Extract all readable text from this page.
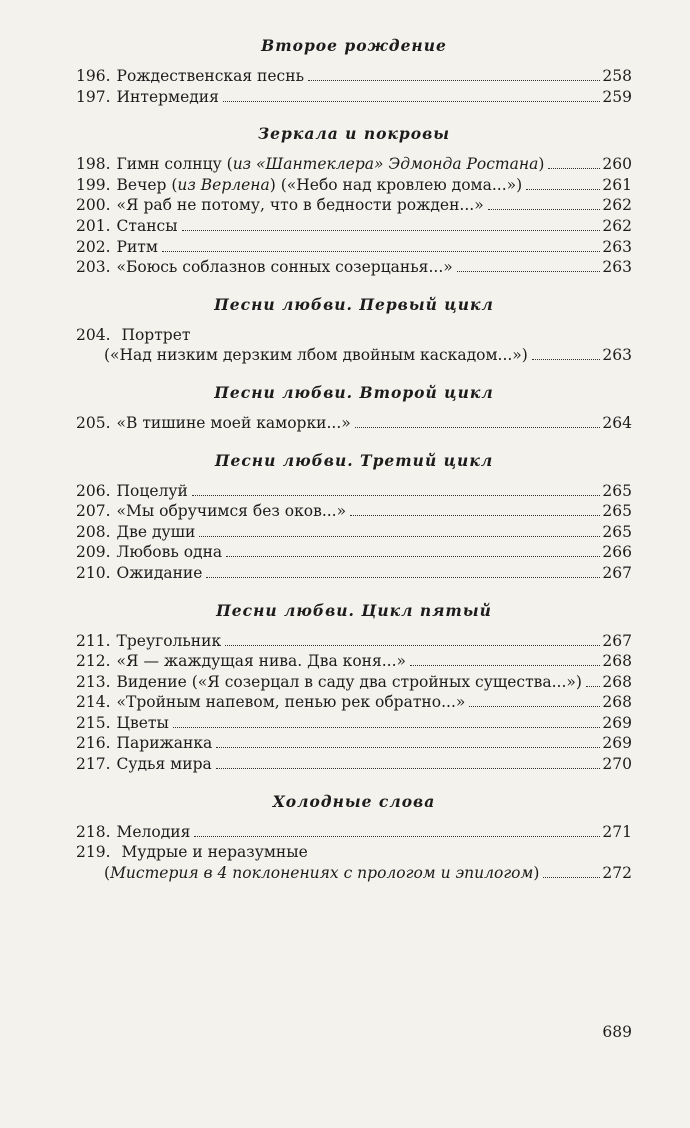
Второе рождение
196. Рождественская песнь	258
197. Интермедия	259
Зеркала и покровы
198. Гимн солнцу (из «Шантеклера» Эдмонда Ростана)	260
199. Вечер (из Верлена) («Небо над кровлею дома...»)	261
200. «Я раб не потому, что в бедности рожден...»	262
201. Стансы	262
202. Ритм	263
203. «Боюсь соблазнов сонных созерцанья...»	263
Песни любви. Первый цикл
204. Портрет
(«Над низким дерзким лбом двойным каскадом...»)	263
Песни любви. Второй цикл
205. «В тишине моей каморки...»	264
Песни любви. Третий цикл
206. Поцелуй	265
207. «Мы обручимся без оков...»	265
208. Две души	265
209. Любовь одна	266
210. Ожидание	267
Песни любви. Цикл пятый
211. Треугольник	267
212. «Я — жаждущая нива. Два коня...»	268
213. Видение («Я созерцал в саду два стройных существа...») 268
214. «Тройным напевом, пенью рек обратно...»	268
215. Цветы	269
216. Парижанка	269
217. Судья мира	270
Холодные слова
218. Мелодия	271
219. Мудрые и неразумные
(Мистерия в 4 поклонениях с прологом и эпилогом)	272
689
